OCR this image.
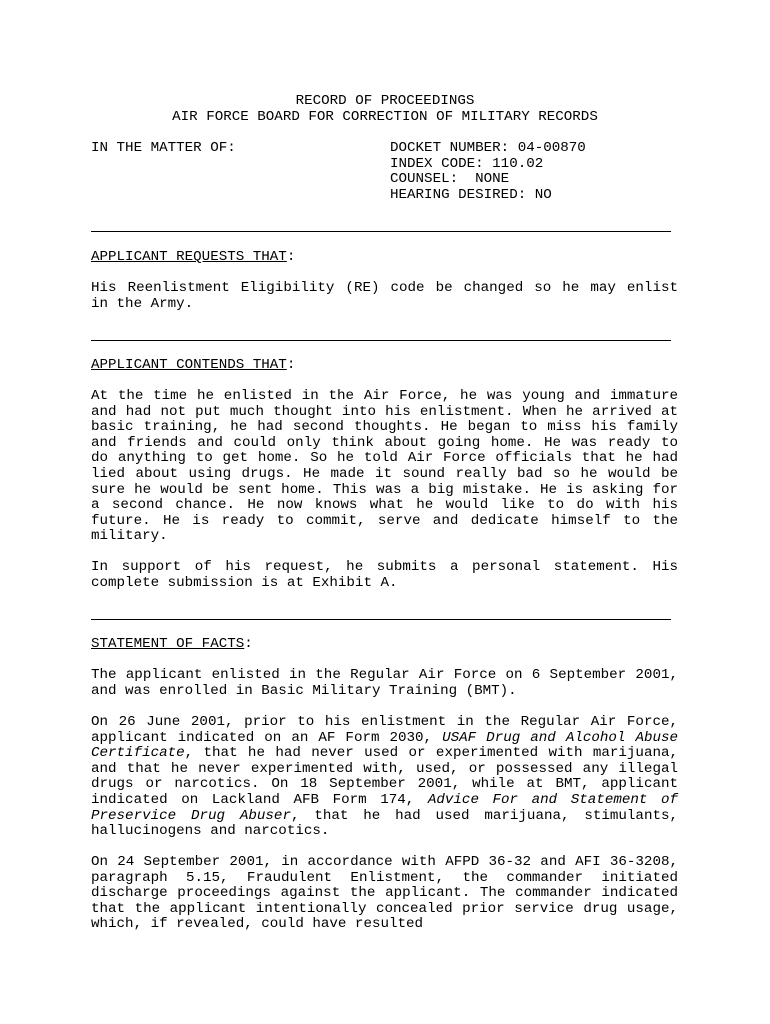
RECORD OF PROCEEDINGS
AIR FORCE BOARD FOR CORRECTION OF MILITARY RECORDS
IN THE MATTER OF:	DOCKET NUMBER: 04-00870
INDEX CODE: 110.02
COUNSEL:  NONE
HEARING DESIRED: NO
APPLICANT REQUESTS THAT:
His Reenlistment Eligibility (RE) code be changed so he may enlist in the Army.
APPLICANT CONTENDS THAT:
At the time he enlisted in the Air Force, he was young and immature and had not put much thought into his enlistment. When he arrived at basic training, he had second thoughts. He began to miss his family and friends and could only think about going home. He was ready to do anything to get home. So he told Air Force officials that he had lied about using drugs. He made it sound really bad so he would be sure he would be sent home. This was a big mistake. He is asking for a second chance. He now knows what he would like to do with his future. He is ready to commit, serve and dedicate himself to the military.
In support of his request, he submits a personal statement. His complete submission is at Exhibit A.
STATEMENT OF FACTS:
The applicant enlisted in the Regular Air Force on 6 September 2001, and was enrolled in Basic Military Training (BMT).
On 26 June 2001, prior to his enlistment in the Regular Air Force, applicant indicated on an AF Form 2030, USAF Drug and Alcohol Abuse Certificate, that he had never used or experimented with marijuana, and that he never experimented with, used, or possessed any illegal drugs or narcotics. On 18 September 2001, while at BMT, applicant indicated on Lackland AFB Form 174, Advice For and Statement of Preservice Drug Abuser, that he had used marijuana, stimulants, hallucinogens and narcotics.
On 24 September 2001, in accordance with AFPD 36-32 and AFI 36-3208, paragraph 5.15, Fraudulent Enlistment, the commander initiated discharge proceedings against the applicant. The commander indicated that the applicant intentionally concealed prior service drug usage, which, if revealed, could have resulted
